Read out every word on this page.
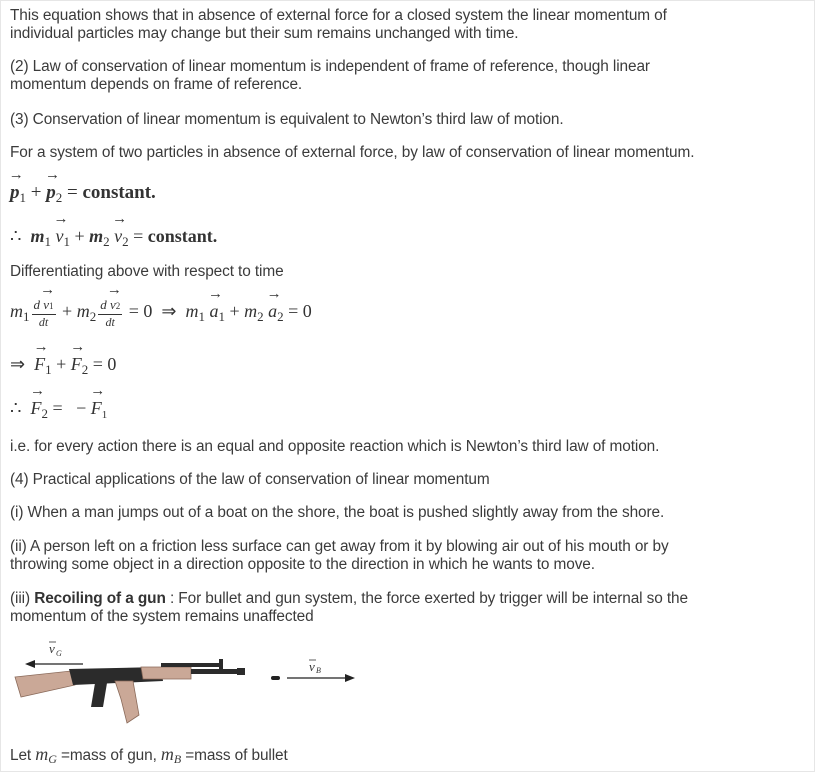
This equation shows that in absence of external force for a closed system the linear momentum of
individual particles may change but their sum remains unchanged with time.
(2) Law of conservation of linear momentum is independent of frame of reference, though linear
momentum depends on frame of reference.
(3) Conservation of linear momentum is equivalent to Newton’s third law of motion.
For a system of two particles in absence of external force, by law of conservation of linear momentum.
→ $p_1$ + → $p_2$ = constant.
∴ $m_1 \to v_1 + m_2 \to v_2$ = constant.
Differentiating above with respect to time
$m_1 \frac{d \to v1}{dt} + m_2 \frac{d \to v2}{dt} = 0$ ⇒ $m_1 \to a_1 + m_2 \to a_2 = 0$
⇒ → $F_1$ + → $F_2 = 0$
∴ → $F_2$ =   − → $F_1$
i.e. for every action there is an equal and opposite reaction which is Newton’s third law of motion.
(4) Practical applications of the law of conservation of linear momentum
(i) When a man jumps out of a boat on the shore, the boat is pushed slightly away from the shore.
(ii) A person left on a friction less surface can get away from it by blowing air out of his mouth or by
throwing some object in a direction opposite to the direction in which he wants to move.
(iii) Recoiling of a gun : For bullet and gun system, the force exerted by trigger will be internal so the
momentum of the system remains unaffected
v G
v B
Let mG =mass of gun, mB =mass of bullet
